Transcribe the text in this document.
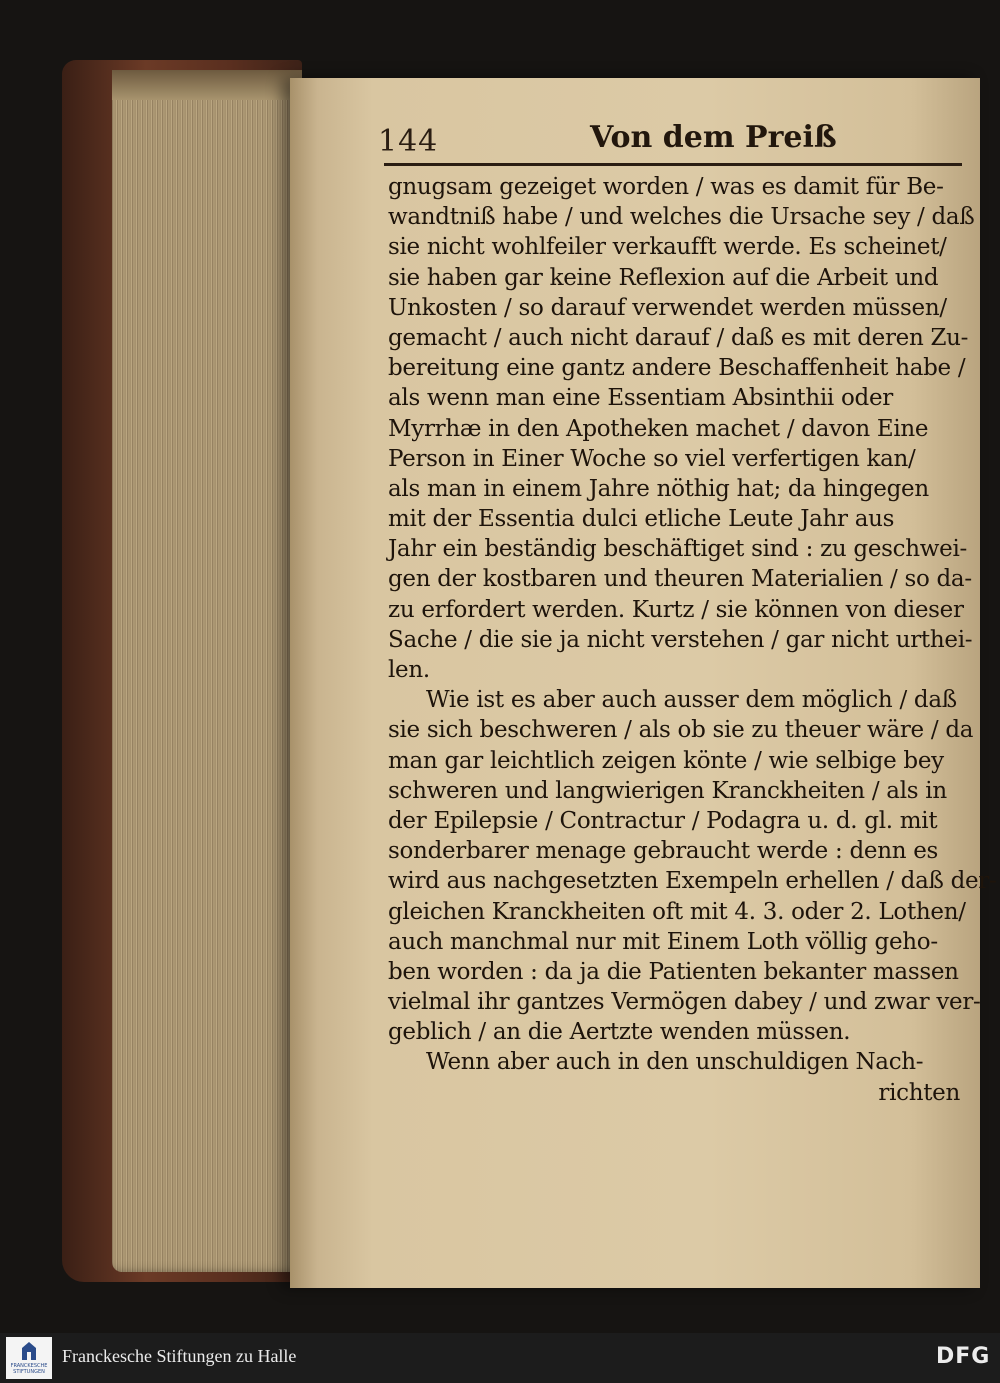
144	Von dem Preiß
gnugsam gezeiget worden / was es damit für Be-
wandtniß habe / und welches die Ursache sey / daß
sie nicht wohlfeiler verkaufft werde. Es scheinet/
sie haben gar keine Reflexion auf die Arbeit und
Unkosten / so darauf verwendet werden müssen/
gemacht / auch nicht darauf / daß es mit deren Zu-
bereitung eine gantz andere Beschaffenheit habe /
als wenn man eine Essentiam Absinthii oder
Myrrhæ in den Apotheken machet / davon Eine
Person in Einer Woche so viel verfertigen kan/
als man in einem Jahre nöthig hat; da hingegen
mit der Essentia dulci etliche Leute Jahr aus
Jahr ein beständig beschäftiget sind : zu geschwei-
gen der kostbaren und theuren Materialien / so da-
zu erfordert werden. Kurtz / sie können von dieser
Sache / die sie ja nicht verstehen / gar nicht urthei-
len.
Wie ist es aber auch ausser dem möglich / daß
sie sich beschweren / als ob sie zu theuer wäre / da
man gar leichtlich zeigen könte / wie selbige bey
schweren und langwierigen Kranckheiten / als in
der Epilepsie / Contractur / Podagra u. d. gl. mit
sonderbarer menage gebraucht werde : denn es
wird aus nachgesetzten Exempeln erhellen / daß der-
gleichen Kranckheiten oft mit 4. 3. oder 2. Lothen/
auch manchmal nur mit Einem Loth völlig geho-
ben worden : da ja die Patienten bekanter massen
vielmal ihr gantzes Vermögen dabey / und zwar ver-
geblich / an die Aertzte wenden müssen.
Wenn aber auch in den unschuldigen Nach-
richten
FRANCKESCHE STIFTUNGEN
Franckesche Stiftungen zu Halle	DFG
